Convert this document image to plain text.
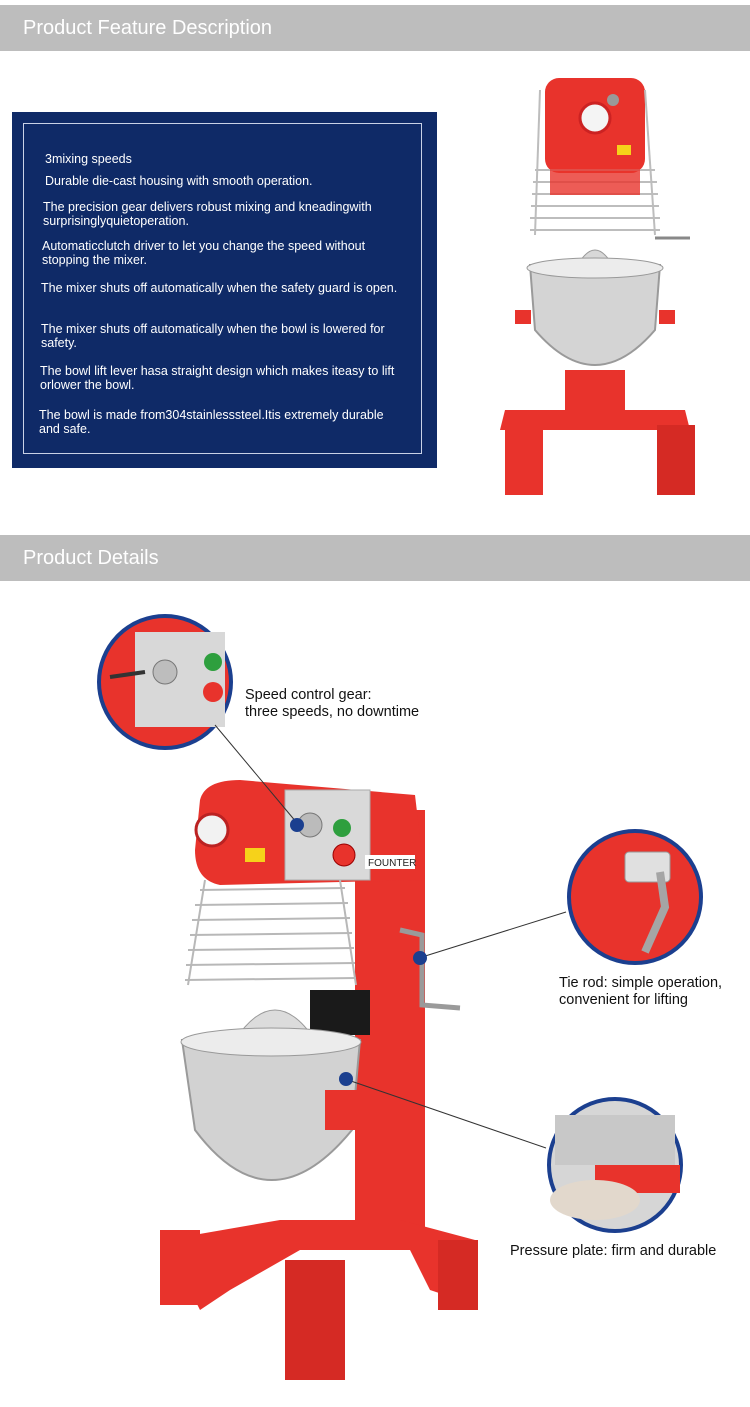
Product Feature Description
3mixing speeds
Durable die-cast housing with smooth operation.
The precision gear delivers robust mixing and kneadingwith surprisinglyquietoperation.
Automaticclutch driver to let you change the speed without stopping the mixer.
The mixer shuts off automatically when the safety guard is open.
The mixer shuts off automatically when the bowl is lowered for safety.
The bowl lift lever hasa straight design which makes iteasy to lift orlower the bowl.
The bowl is made from304stainlesssteel.Itis extremely durable and safe.
Product Details
FOUNTER
Speed control gear:
three speeds, no downtime
Tie rod: simple operation,
convenient for lifting
Pressure plate: firm and durable
